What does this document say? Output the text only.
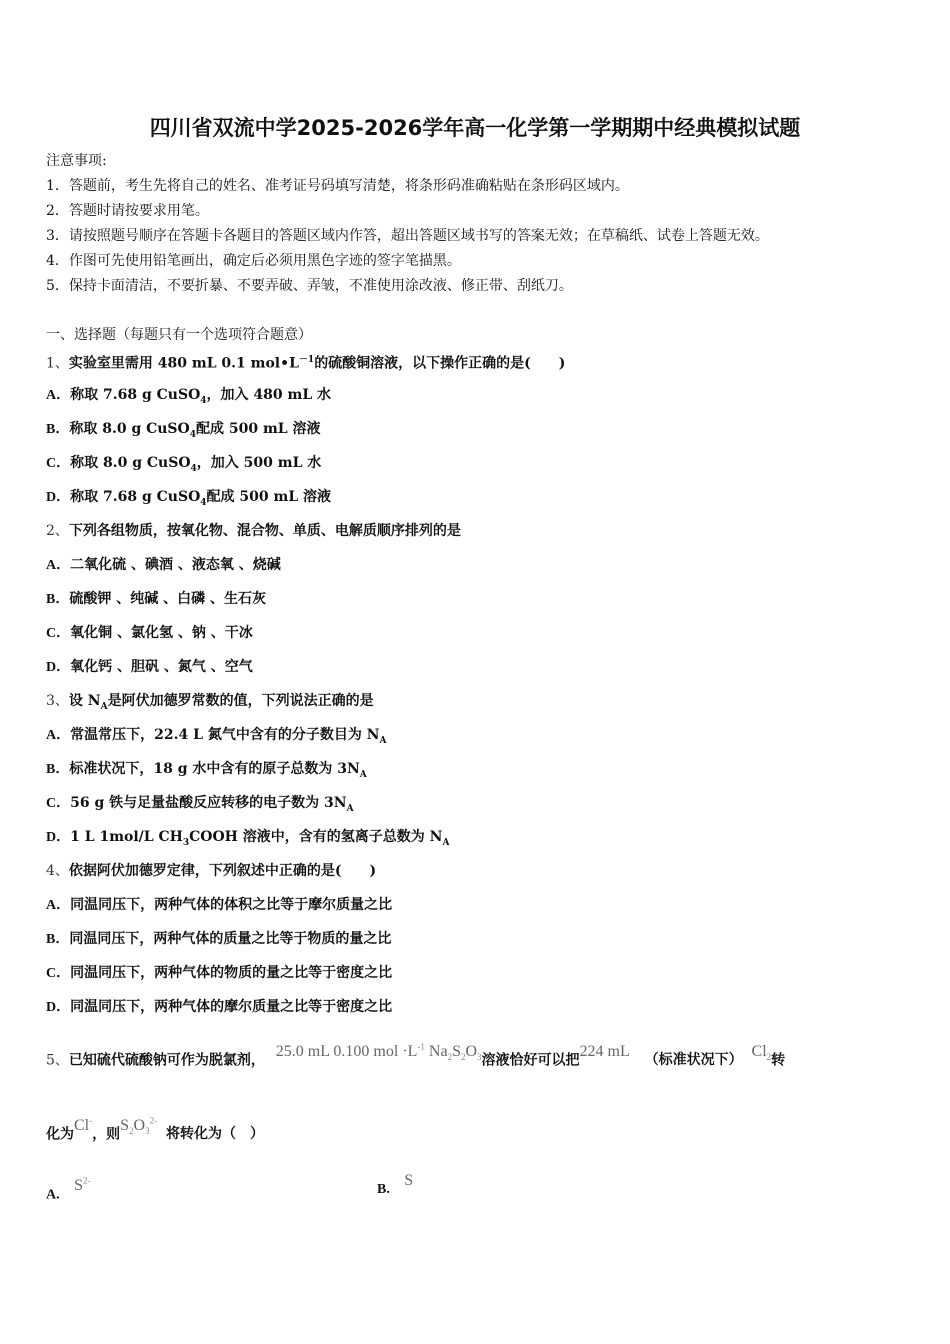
四川省双流中学2025-2026学年高一化学第一学期期中经典模拟试题
注意事项:
1．答题前，考生先将自己的姓名、准考证号码填写清楚，将条形码准确粘贴在条形码区域内。
2．答题时请按要求用笔。
3．请按照题号顺序在答题卡各题目的答题区域内作答，超出答题区域书写的答案无效；在草稿纸、试卷上答题无效。
4．作图可先使用铅笔画出，确定后必须用黑色字迹的签字笔描黑。
5．保持卡面清洁，不要折暴、不要弄破、弄皱，不准使用涂改液、修正带、刮纸刀。
一、选择题（每题只有一个选项符合题意）
1、实验室里需用 480 mL 0.1 $mol•L^{-1}$的硫酸铜溶液，以下操作正确的是(　　)
A．称取 7.68 g CuSO$_4$，加入 480 mL 水
B．称取 8.0 g CuSO$_4$配成 500 mL 溶液
C．称取 8.0 g CuSO$_4$，加入 500 mL 水
D．称取 7.68 g CuSO$_4$配成 500 mL 溶液
2、下列各组物质，按氧化物、混合物、单质、电解质顺序排列的是
A．二氧化硫 、碘酒 、液态氧 、烧碱
B．硫酸钾 、纯碱 、白磷 、生石灰
C．氧化铜 、氯化氢 、钠 、干冰
D．氧化钙 、胆矾 、氮气 、空气
3、设 $N_A$是阿伏加德罗常数的值，下列说法正确的是
A．常温常压下，22.4 L 氮气中含有的分子数目为 $N_A$
B．标准状况下，18 g 水中含有的原子总数为 $3N_A$
C．56 g 铁与足量盐酸反应转移的电子数为 $3N_A$
D．1 L 1mol/L $CH_3COOH$ 溶液中，含有的氢离子总数为 $N_A$
4、依据阿伏加德罗定律，下列叙述中正确的是(　　)
A．同温同压下，两种气体的体积之比等于摩尔质量之比
B．同温同压下，两种气体的质量之比等于物质的量之比
C．同温同压下，两种气体的物质的量之比等于密度之比
D．同温同压下，两种气体的摩尔质量之比等于密度之比
5、已知硫代硫酸钠可作为脱氯剂， 25.0 mL 0.100 mol $\cdot L^{-1}$ $Na_2S_2O_3$溶液恰好可以把224 mL （标准状况下） $Cl_2$转
化为Cl-，则$S_2O_3^{2-}$ 将转化为（　）
A. $S^{2-}$
B. S
